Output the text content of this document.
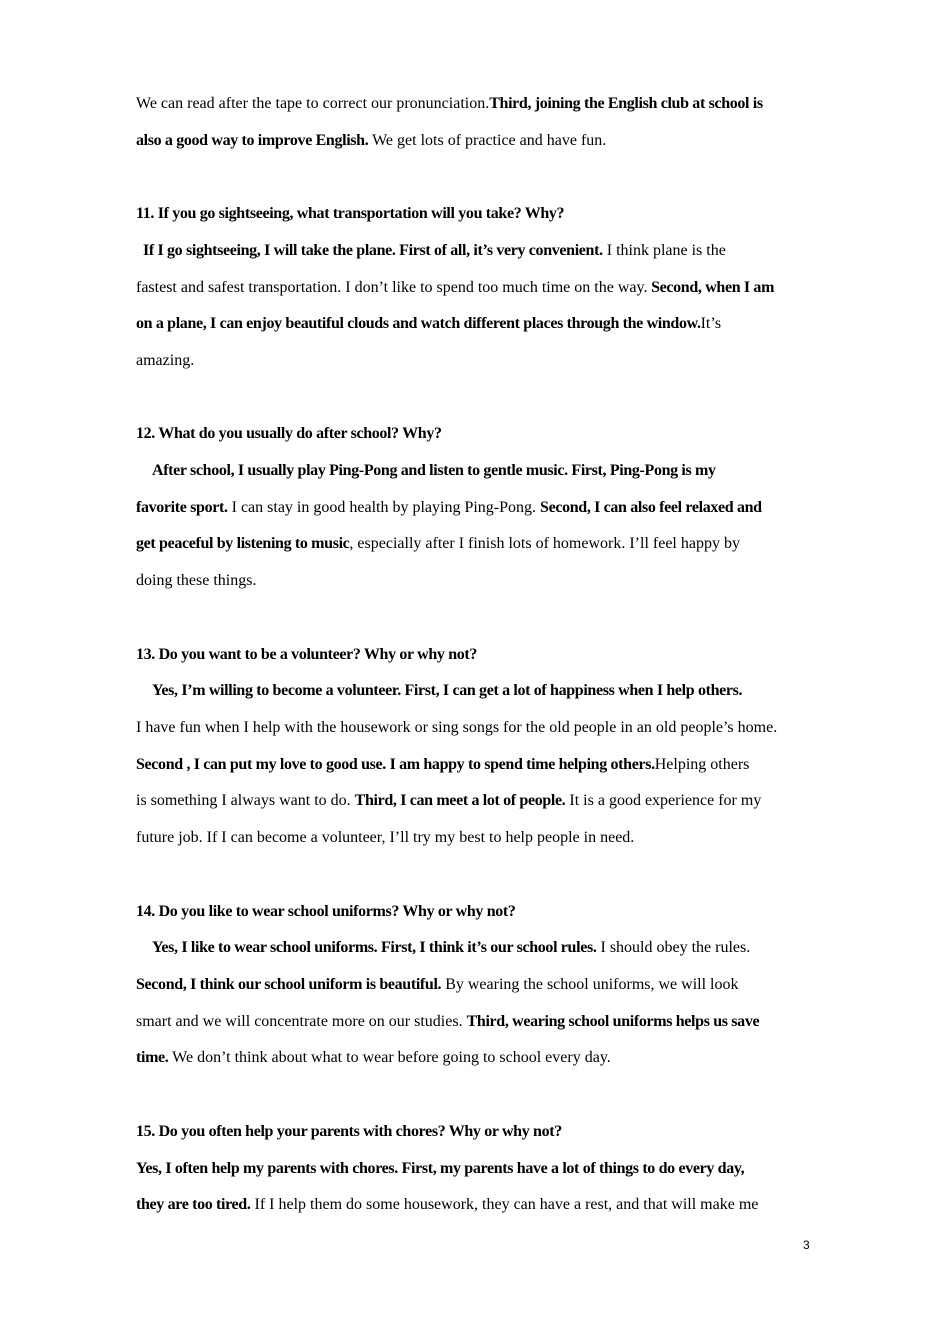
We can read after the tape to correct our pronunciation.Third, joining the English club at school is
also a good way to improve English. We get lots of practice and have fun.
11. If you go sightseeing, what transportation will you take? Why?
If I go sightseeing, I will take the plane. First of all, it’s very convenient. I think plane is the
fastest and safest transportation. I don’t like to spend too much time on the way. Second, when I am
on a plane, I can enjoy beautiful clouds and watch different places through the window.It’s
amazing.
12. What do you usually do after school? Why?
After school, I usually play Ping-Pong and listen to gentle music. First, Ping-Pong is my
favorite sport. I can stay in good health by playing Ping-Pong. Second, I can also feel relaxed and
get peaceful by listening to music, especially after I finish lots of homework. I’ll feel happy by
doing these things.
13. Do you want to be a volunteer? Why or why not?
Yes, I’m willing to become a volunteer. First, I can get a lot of happiness when I help others.
I have fun when I help with the housework or sing songs for the old people in an old people’s home.
Second , I can put my love to good use. I am happy to spend time helping others.Helping others
is something I always want to do. Third, I can meet a lot of people. It is a good experience for my
future job. If I can become a volunteer, I’ll try my best to help people in need.
14. Do you like to wear school uniforms? Why or why not?
Yes, I like to wear school uniforms. First, I think it’s our school rules. I should obey the rules.
Second, I think our school uniform is beautiful. By wearing the school uniforms, we will look
smart and we will concentrate more on our studies. Third, wearing school uniforms helps us save
time. We don’t think about what to wear before going to school every day.
15. Do you often help your parents with chores? Why or why not?
Yes, I often help my parents with chores. First, my parents have a lot of things to do every day,
they are too tired. If I help them do some housework, they can have a rest, and that will make me
3
